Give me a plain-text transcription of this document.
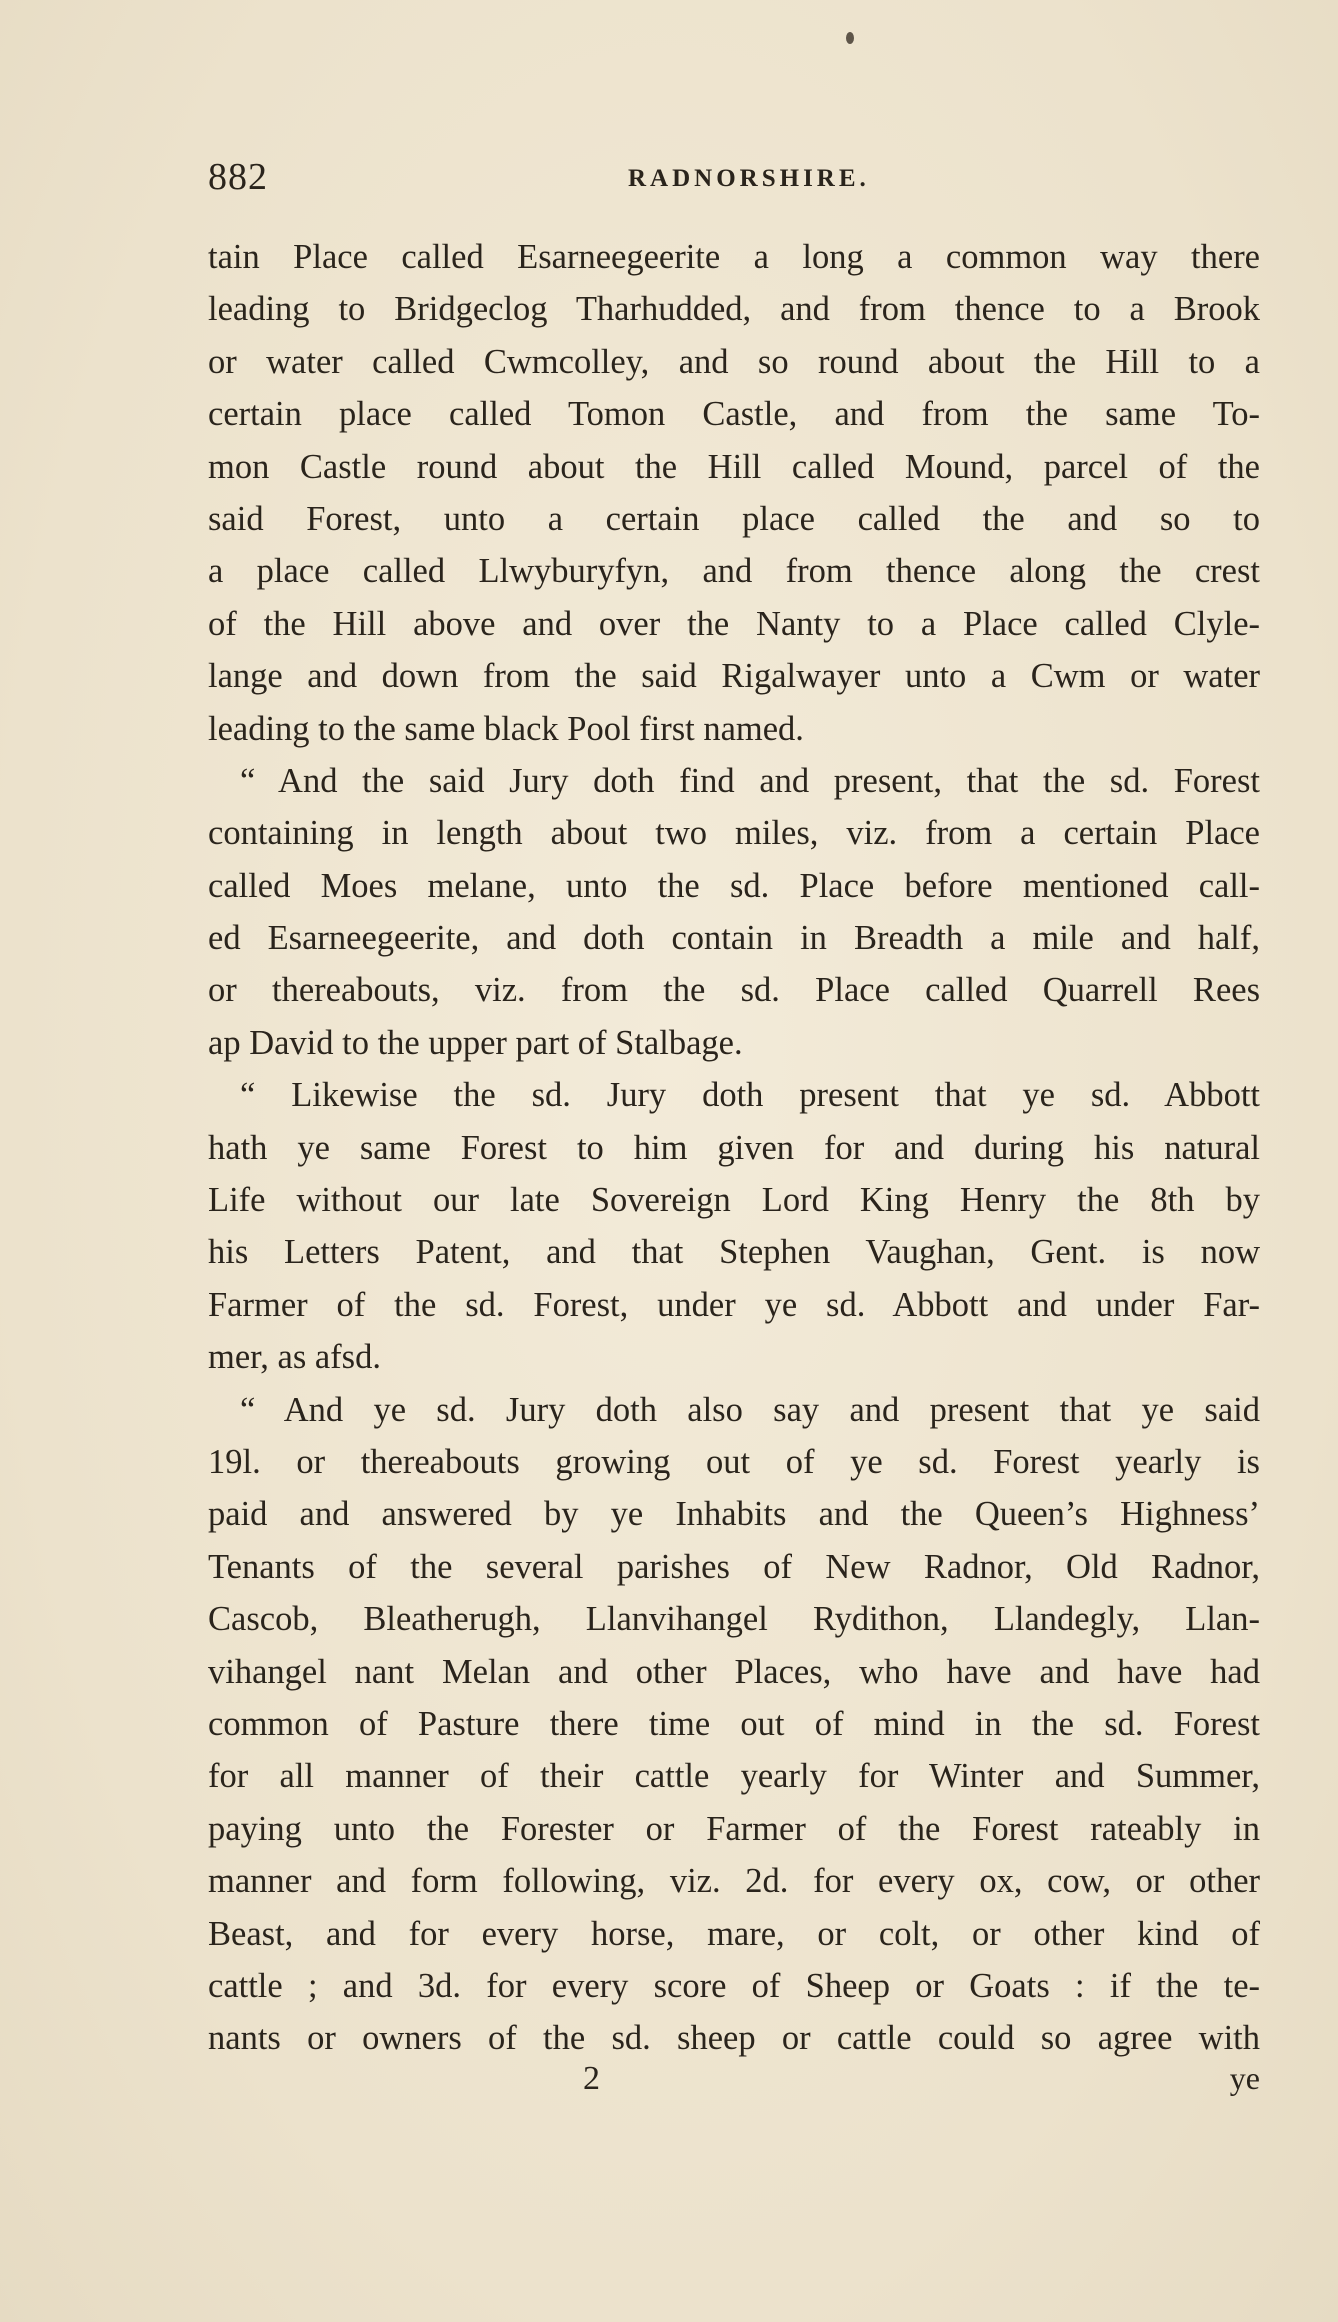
882	RADNORSHIRE.
tain Place called Esarneegeerite a long a common way there
leading to Bridgeclog Tharhudded, and from thence to a Brook
or water called Cwmcolley, and so round about the Hill to a
certain place called Tomon Castle, and from the same To-
mon Castle round about the Hill called Mound, parcel of the
said Forest, unto a certain place called the and so to
a place called Llwyburyfyn, and from thence along the crest
of the Hill above and over the Nanty to a Place called Clyle-
lange and down from the said Rigalwayer unto a Cwm or water
leading to the same black Pool first named.
“ And the said Jury doth find and present, that the sd. Forest
containing in length about two miles, viz. from a certain Place
called Moes melane, unto the sd. Place before mentioned call-
ed Esarneegeerite, and doth contain in Breadth a mile and half,
or thereabouts, viz. from the sd. Place called Quarrell Rees
ap David to the upper part of Stalbage.
“ Likewise the sd. Jury doth present that ye sd. Abbott
hath ye same Forest to him given for and during his natural
Life without our late Sovereign Lord King Henry the 8th by
his Letters Patent, and that Stephen Vaughan, Gent. is now
Farmer of the sd. Forest, under ye sd. Abbott and under Far-
mer, as afsd.
“ And ye sd. Jury doth also say and present that ye said
19l. or thereabouts growing out of ye sd. Forest yearly is
paid and answered by ye Inhabits and the Queen’s Highness’
Tenants of the several parishes of New Radnor, Old Radnor,
Cascob, Bleatherugh, Llanvihangel Rydithon, Llandegly, Llan-
vihangel nant Melan and other Places, who have and have had
common of Pasture there time out of mind in the sd. Forest
for all manner of their cattle yearly for Winter and Summer,
paying unto the Forester or Farmer of the Forest rateably in
manner and form following, viz. 2d. for every ox, cow, or other
Beast, and for every horse, mare, or colt, or other kind of
cattle ; and 3d. for every score of Sheep or Goats : if the te-
nants or owners of the sd. sheep or cattle could so agree with
2	ye
